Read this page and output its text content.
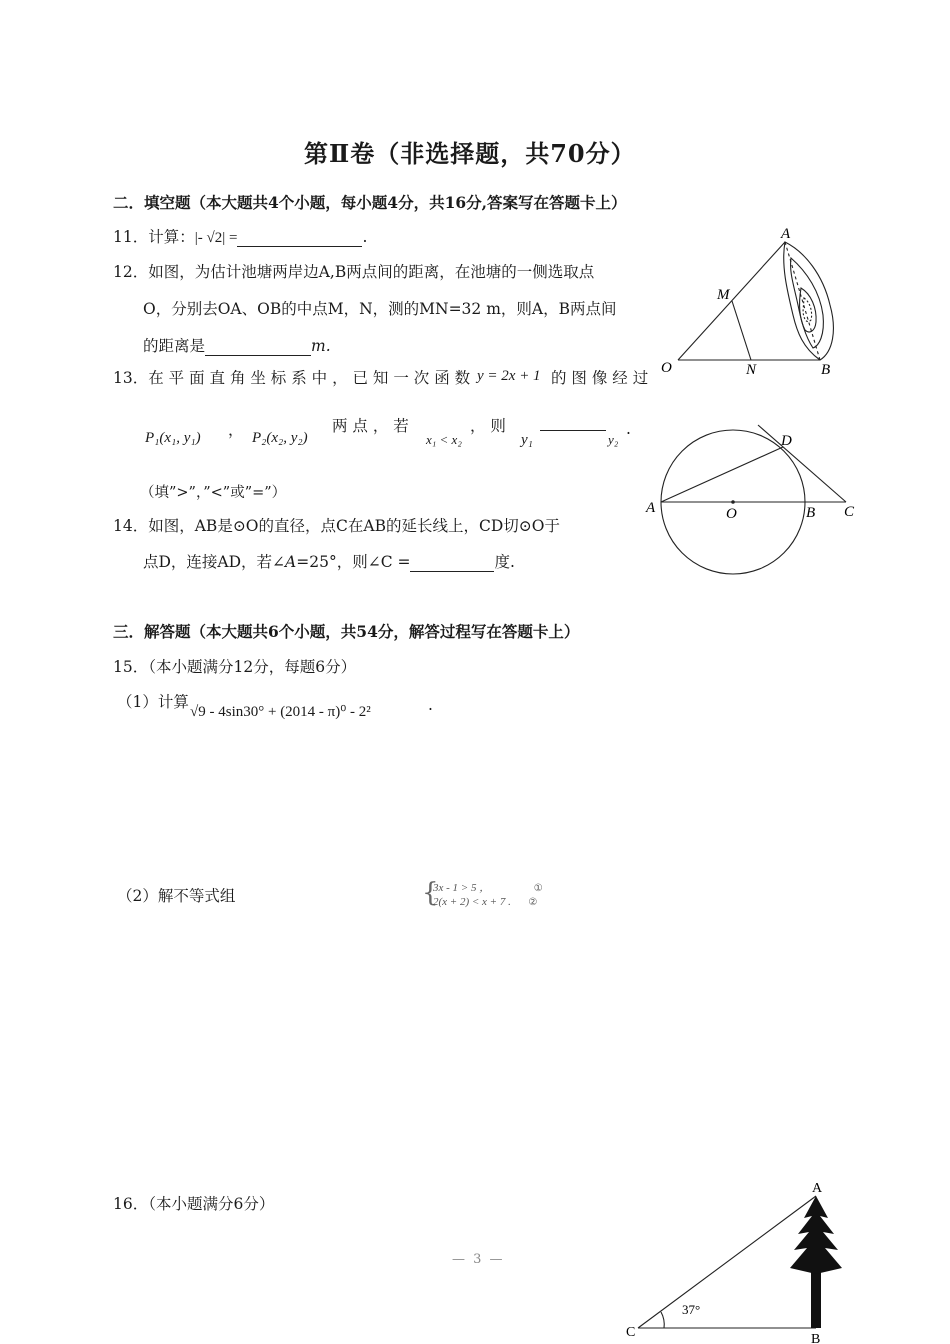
第Ⅱ卷（非选择题，共70分）
二．填空题（本大题共4个小题，每小题4分，共16分,答案写在答题卡上）
11．计算：|- √2| =	.
12．如图，为估计池塘两岸边A,B两点间的距离，在池塘的一侧选取点
O，分别去OA、OB的中点M，N，测的MN=32 m，则A，B两点间
的距离是	m.
13．在 平 面 直 角 坐 标 系 中 ， 已 知 一 次 函 数 y = 2x + 1 的 图 像 经 过
P₁(x₁, y₁) ， P₂(x₂, y₂)
两 点 ， 若
x₁ < x₂
， 则
y₁	y₂
.
（填”>”，”<”或”=”）
14．如图，AB是⊙O的直径，点C在AB的延长线上，CD切⊙O于
点D，连接AD，若∠A=25°，则∠C =	度.
三．解答题（本大题共6个小题，共54分，解答过程写在答题卡上）
15．（本小题满分12分，每题6分）
（1）计算
√9 - 4sin30° + (2014 - π)⁰ - 2²	.
（2）解不等式组	{
3x - 1 > 5 ，	①
2(x + 2) < x + 7 . ②
16．（本小题满分6分）
— 3 —
A
M
O	N	B
A	O	B C
D
A
B
C
37°
